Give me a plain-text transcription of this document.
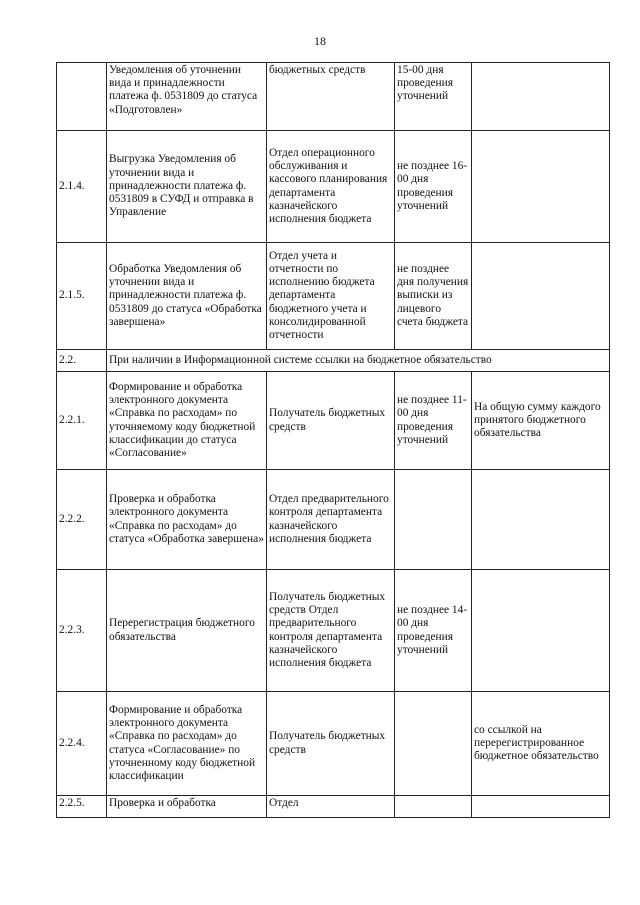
18
	Уведомления об уточнении вида и принадлежности платежа ф. 0531809 до статуса «Подготовлен»	бюджетных средств	15-00 дня проведения уточнений	
2.1.4.	Выгрузка Уведомления об уточнении вида и принадлежности платежа ф. 0531809 в СУФД и отправка в Управление	Отдел операционного обслуживания и кассового планирования департамента казначейского исполнения бюджета	не позднее 16-00 дня проведения уточнений	
2.1.5.	Обработка Уведомления об уточнении вида и принадлежности платежа ф. 0531809 до статуса «Обработка завершена»	Отдел учета и отчетности по исполнению бюджета департамента бюджетного учета и консолидированной отчетности	не позднее дня получения выписки из лицевого счета бюджета	
2.2.	При наличии в Информационной системе ссылки на бюджетное обязательство			
2.2.1.	Формирование и обработка электронного документа «Справка по расходам» по уточняемому коду бюджетной классификации до статуса «Согласование»	Получатель бюджетных средств	не позднее 11-00 дня проведения уточнений	На общую сумму каждого принятого бюджетного обязательства
2.2.2.	Проверка и обработка электронного документа «Справка по расходам» до статуса «Обработка завершена»	Отдел предварительного контроля департамента казначейского исполнения бюджета		
2.2.3.	Перерегистрация бюджетного обязательства	Получатель бюджетных средств Отдел предварительного контроля департамента казначейского исполнения бюджета	не позднее 14-00 дня проведения уточнений	
2.2.4.	Формирование и обработка электронного документа «Справка по расходам» до статуса «Согласование» по уточненному коду бюджетной классификации	Получатель бюджетных средств		со ссылкой на перерегистрированное бюджетное обязательство
2.2.5.	Проверка и обработка	Отдел		
